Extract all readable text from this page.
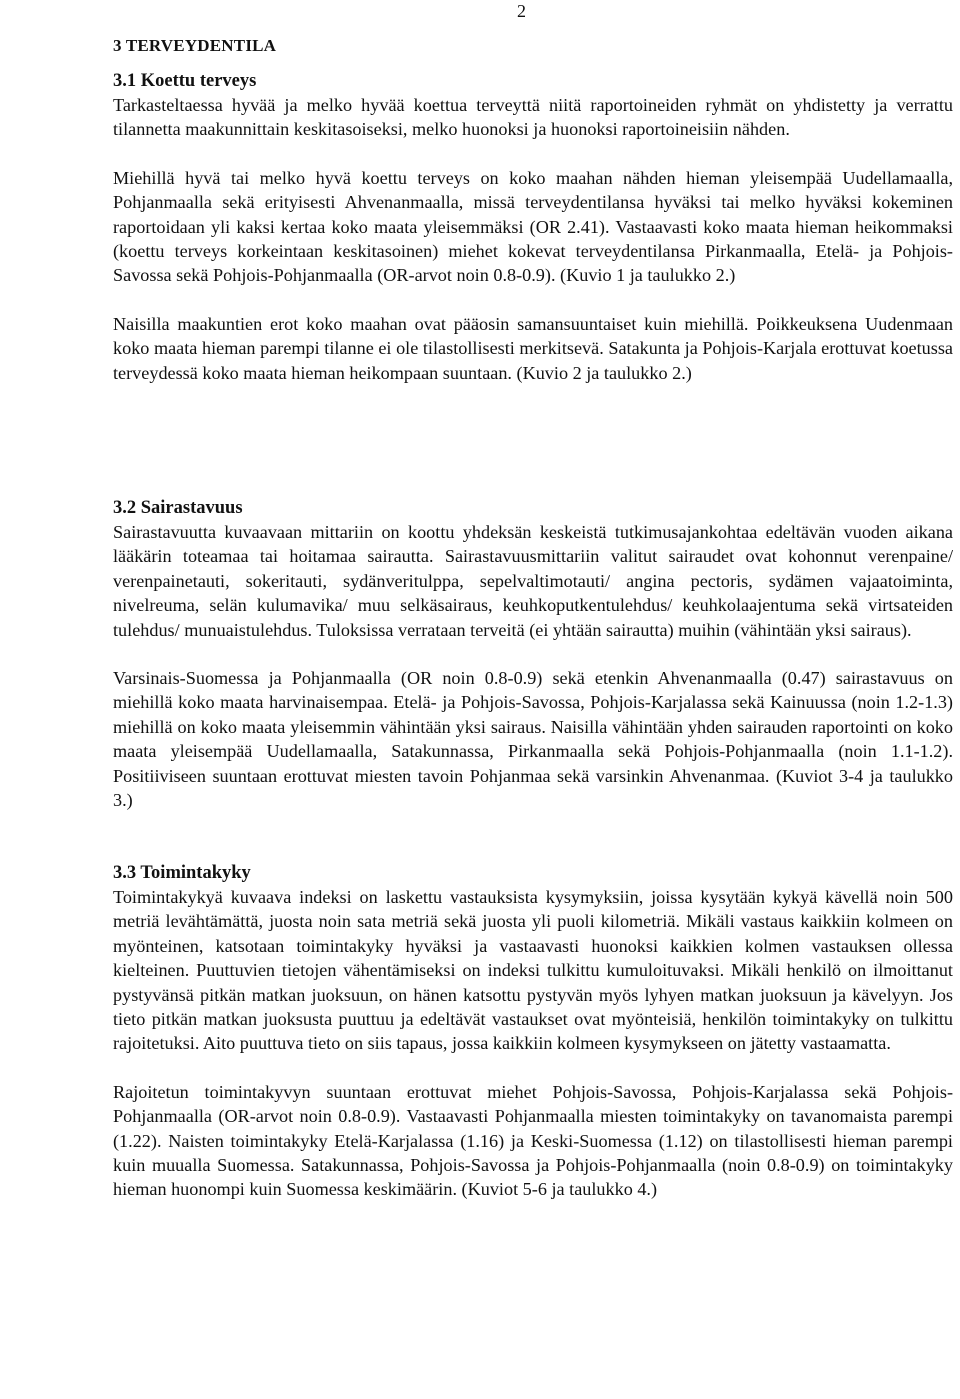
2
3 TERVEYDENTILA
3.1 Koettu terveys

Tarkasteltaessa hyvää ja melko hyvää koettua terveyttä niitä raportoineiden ryhmät on yhdistetty ja verrattu tilannetta maakunnittain keskitasoiseksi, melko huonoksi ja huonoksi raportoineisiin nähden.

Miehillä hyvä tai melko hyvä koettu terveys on koko maahan nähden hieman yleisempää Uudellamaalla, Pohjanmaalla sekä erityisesti Ahvenanmaalla, missä terveydentilansa hyväksi tai melko hyväksi kokeminen raportoidaan yli kaksi kertaa koko maata yleisemmäksi (OR 2.41). Vastaavasti koko maata hieman heikommaksi (koettu terveys korkeintaan keskitasoinen) miehet kokevat terveydentilansa Pirkanmaalla, Etelä- ja Pohjois-Savossa sekä Pohjois-Pohjanmaalla (OR-arvot noin 0.8-0.9). (Kuvio 1 ja taulukko 2.)

Naisilla maakuntien erot koko maahan ovat pääosin samansuuntaiset kuin miehillä. Poikkeuksena Uudenmaan koko maata hieman parempi tilanne ei ole tilastollisesti merkitsevä. Satakunta ja Pohjois-Karjala erottuvat koetussa terveydessä koko maata hieman heikompaan suuntaan. (Kuvio 2 ja taulukko 2.)

3.2 Sairastavuus

Sairastavuutta kuvaavaan mittariin on koottu yhdeksän keskeistä tutkimusajankohtaa edeltävän vuoden aikana lääkärin toteamaa tai hoitamaa sairautta. Sairastavuusmittariin valitut sairaudet ovat kohonnut verenpaine/ verenpainetauti, sokeritauti, sydänveritulppa, sepelvaltimotauti/ angina pectoris, sydämen vajaatoiminta, nivelreuma, selän kulumavika/ muu selkäsairaus, keuhkoputkentulehdus/ keuhkolaajentuma sekä virtsateiden tulehdus/ munuaistulehdus. Tuloksissa verrataan terveitä (ei yhtään sairautta) muihin (vähintään yksi sairaus).

Varsinais-Suomessa ja Pohjanmaalla (OR noin 0.8-0.9) sekä etenkin Ahvenanmaalla (0.47) sairastavuus on miehillä koko maata harvinaisempaa. Etelä- ja Pohjois-Savossa, Pohjois-Karjalassa sekä Kainuussa (noin 1.2-1.3) miehillä on koko maata yleisemmin vähintään yksi sairaus. Naisilla vähintään yhden sairauden raportointi on koko maata yleisempää Uudellamaalla, Satakunnassa, Pirkanmaalla sekä Pohjois-Pohjanmaalla (noin 1.1-1.2). Positiiviseen suuntaan erottuvat miesten tavoin Pohjanmaa sekä varsinkin Ahvenanmaa. (Kuviot 3-4 ja taulukko 3.)

3.3 Toimintakyky

Toimintakykyä kuvaava indeksi on laskettu vastauksista kysymyksiin, joissa kysytään kykyä kävellä noin 500 metriä levähtämättä, juosta noin sata metriä sekä juosta yli puoli kilometriä. Mikäli vastaus kaikkiin kolmeen on myönteinen, katsotaan toimintakyky hyväksi ja vastaavasti huonoksi kaikkien kolmen vastauksen ollessa kielteinen. Puuttuvien tietojen vähentämiseksi on indeksi tulkittu kumuloituvaksi. Mikäli henkilö on ilmoittanut pystyvänsä pitkän matkan juoksuun, on hänen katsottu pystyvän myös lyhyen matkan juoksuun ja kävelyyn. Jos tieto pitkän matkan juoksusta puuttuu ja edeltävät vastaukset ovat myönteisiä, henkilön toimintakyky on tulkittu rajoitetuksi. Aito puuttuva tieto on siis tapaus, jossa kaikkiin kolmeen kysymykseen on jätetty vastaamatta.

Rajoitetun toimintakyvyn suuntaan erottuvat miehet Pohjois-Savossa, Pohjois-Karjalassa sekä Pohjois-Pohjanmaalla (OR-arvot noin 0.8-0.9). Vastaavasti Pohjanmaalla miesten toimintakyky on tavanomaista parempi (1.22). Naisten toimintakyky Etelä-Karjalassa (1.16) ja Keski-Suomessa (1.12) on tilastollisesti hieman parempi kuin muualla Suomessa. Satakunnassa, Pohjois-Savossa ja Pohjois-Pohjanmaalla (noin 0.8-0.9) on toimintakyky hieman huonompi kuin Suomessa keskimäärin. (Kuviot 5-6 ja taulukko 4.)
